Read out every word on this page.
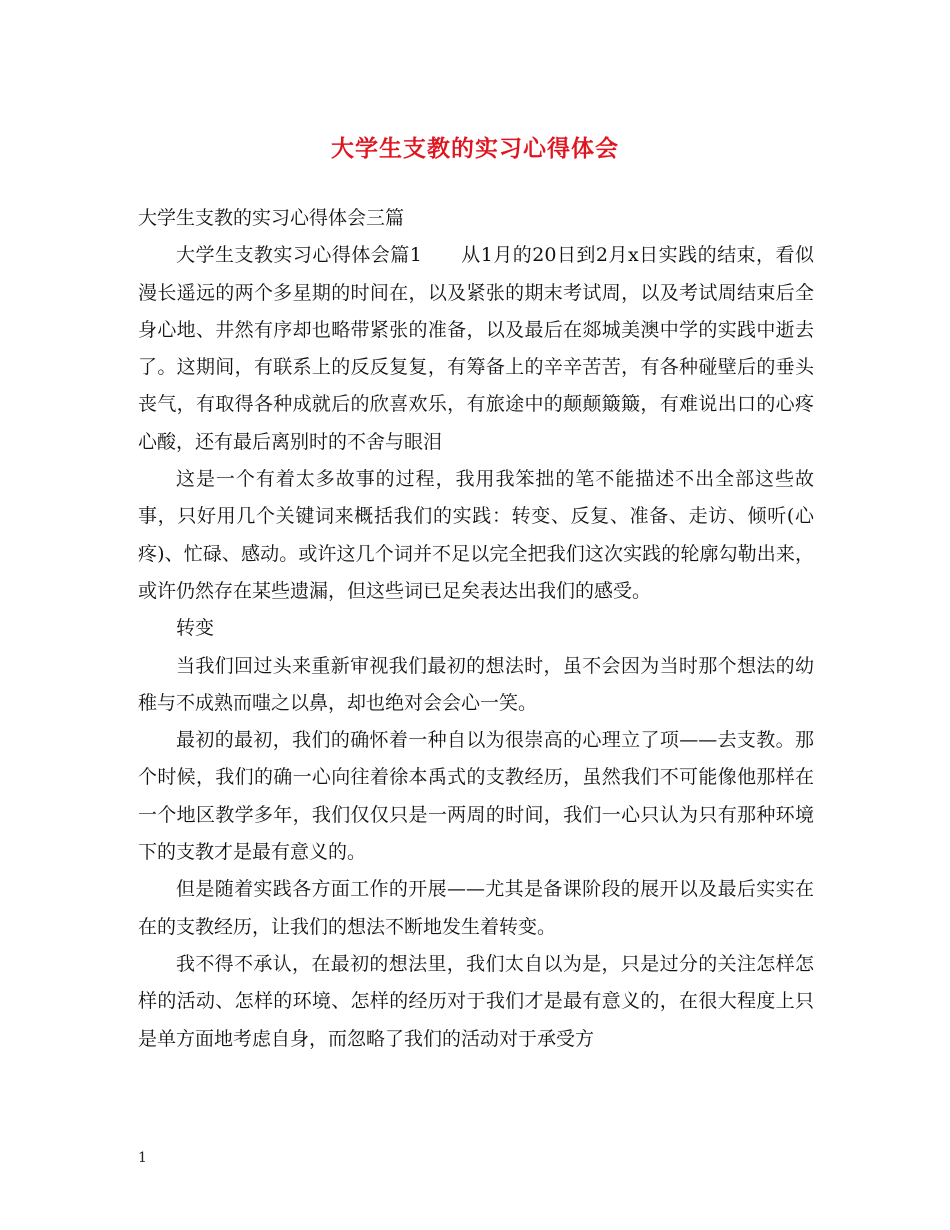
大学生支教的实习心得体会

大学生支教的实习心得体会三篇

大学生支教实习心得体会篇1　　从1月的20日到2月x日实践的结束，看似漫长遥远的两个多星期的时间在，以及紧张的期末考试周，以及考试周结束后全身心地、井然有序却也略带紧张的准备，以及最后在郯城美澳中学的实践中逝去了。这期间，有联系上的反反复复，有筹备上的辛辛苦苦，有各种碰壁后的垂头丧气，有取得各种成就后的欣喜欢乐，有旅途中的颠颠簸簸，有难说出口的心疼心酸，还有最后离别时的不舍与眼泪

这是一个有着太多故事的过程，我用我笨拙的笔不能描述不出全部这些故事，只好用几个关键词来概括我们的实践：转变、反复、准备、走访、倾听(心疼)、忙碌、感动。或许这几个词并不足以完全把我们这次实践的轮廓勾勒出来，或许仍然存在某些遗漏，但这些词已足矣表达出我们的感受。

转变

当我们回过头来重新审视我们最初的想法时，虽不会因为当时那个想法的幼稚与不成熟而嗤之以鼻，却也绝对会会心一笑。

最初的最初，我们的确怀着一种自以为很崇高的心理立了项——去支教。那个时候，我们的确一心向往着徐本禹式的支教经历，虽然我们不可能像他那样在一个地区教学多年，我们仅仅只是一两周的时间，我们一心只认为只有那种环境下的支教才是最有意义的。

但是随着实践各方面工作的开展——尤其是备课阶段的展开以及最后实实在在的支教经历，让我们的想法不断地发生着转变。

我不得不承认，在最初的想法里，我们太自以为是，只是过分的关注怎样怎样的活动、怎样的环境、怎样的经历对于我们才是最有意义的，在很大程度上只是单方面地考虑自身，而忽略了我们的活动对于承受方

1
